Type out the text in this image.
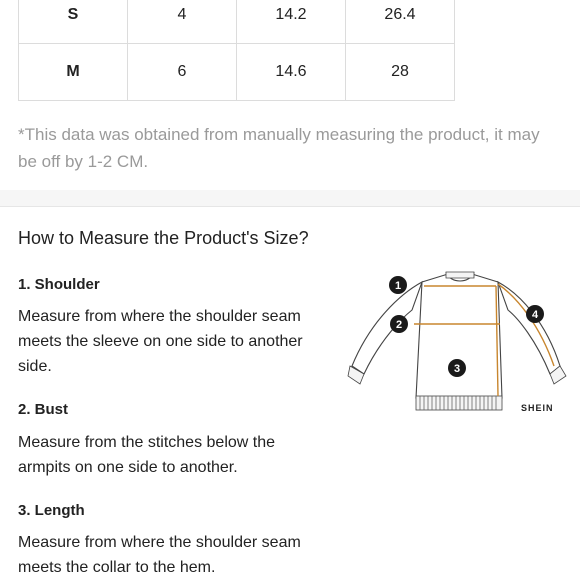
S	4	14.2	26.4
M	6	14.6	28

*This data was obtained from manually measuring the product, it may be off by 1-2 CM.

How to Measure the Product's Size?
1. Shoulder

Measure from where the shoulder seam meets the sleeve on one side to another side.

2. Bust

Measure from the stitches below the armpits on one side to another.

3. Length

Measure from where the shoulder seam meets the collar to the hem.

1
2
3
4
SHEIN
